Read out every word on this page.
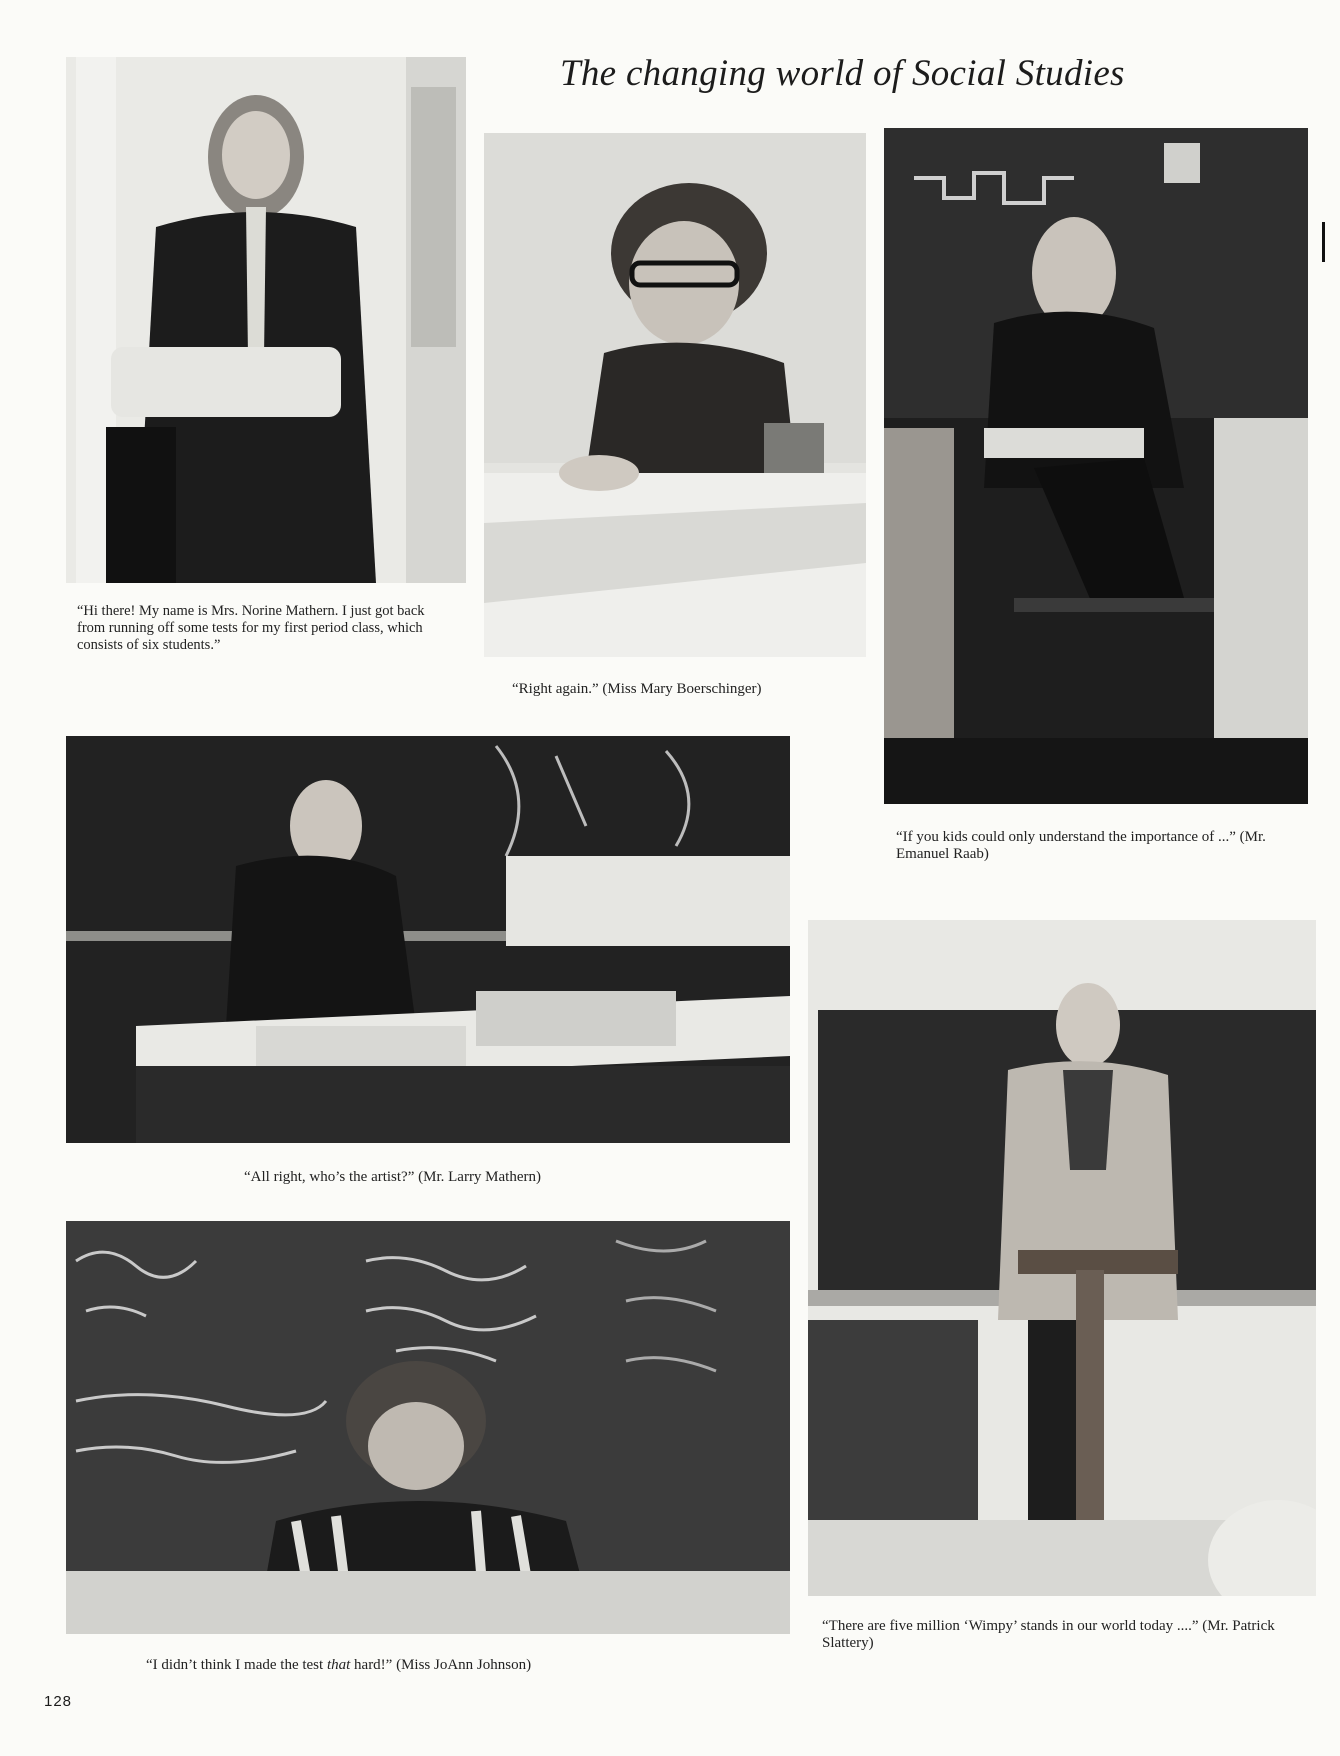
The changing world of Social Studies
“Hi there! My name is Mrs. Norine Mathern. I just got back from running off some tests for my first period class, which consists of six students.”
“Right again.” (Miss Mary Boerschinger)
“If you kids could only understand the importance of ...” (Mr. Emanuel Raab)
“All right, who’s the artist?” (Mr. Larry Mathern)
“I didn’t think I made the test that hard!” (Miss JoAnn Johnson)
“There are five million ‘Wimpy’ stands in our world today ....” (Mr. Patrick Slattery)
128
